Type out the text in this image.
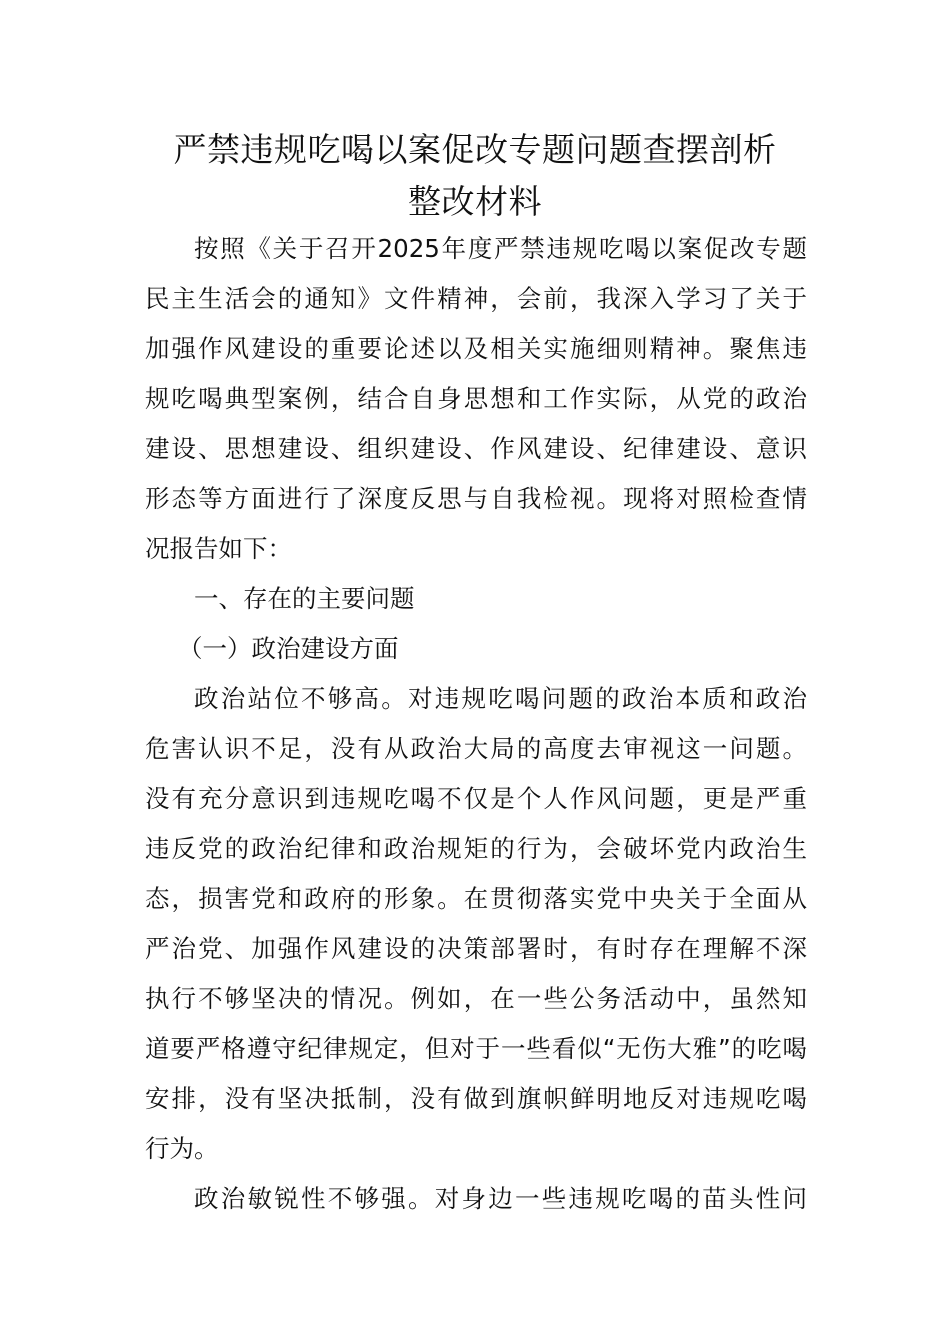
严禁违规吃喝以案促改专题问题查摆剖析
整改材料
按照《关于召开2025年度严禁违规吃喝以案促改专题
民主生活会的通知》文件精神，会前，我深入学习了关于
加强作风建设的重要论述以及相关实施细则精神。聚焦违
规吃喝典型案例，结合自身思想和工作实际，从党的政治
建设、思想建设、组织建设、作风建设、纪律建设、意识
形态等方面进行了深度反思与自我检视。现将对照检查情
况报告如下：
一、存在的主要问题
（一）政治建设方面
政治站位不够高。对违规吃喝问题的政治本质和政治
危害认识不足，没有从政治大局的高度去审视这一问题。
没有充分意识到违规吃喝不仅是个人作风问题，更是严重
违反党的政治纪律和政治规矩的行为，会破坏党内政治生
态，损害党和政府的形象。在贯彻落实党中央关于全面从
严治党、加强作风建设的决策部署时，有时存在理解不深
执行不够坚决的情况。例如，在一些公务活动中，虽然知
道要严格遵守纪律规定，但对于一些看似“无伤大雅”的吃喝
安排，没有坚决抵制，没有做到旗帜鲜明地反对违规吃喝
行为。
政治敏锐性不够强。对身边一些违规吃喝的苗头性问
